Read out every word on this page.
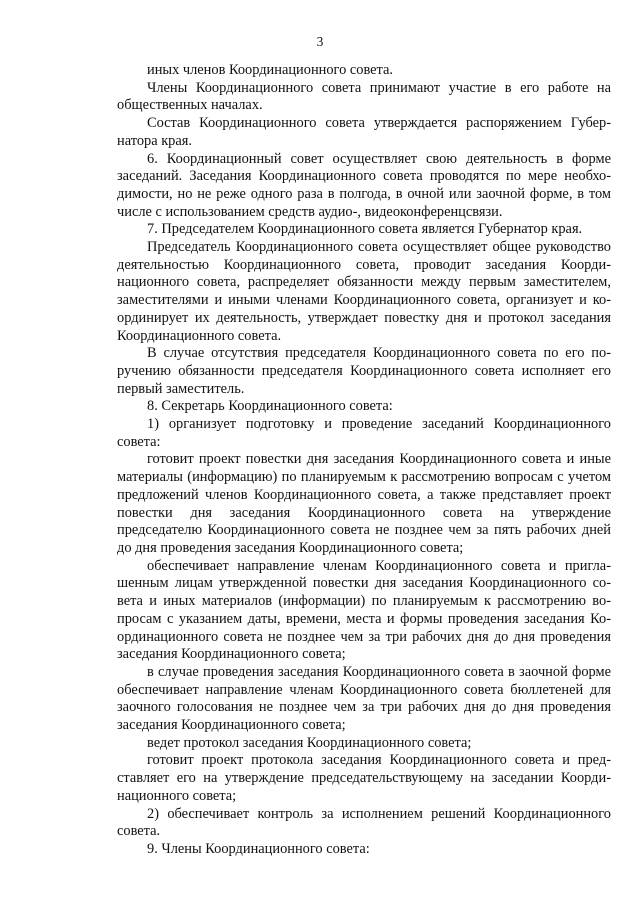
3

иных членов Координационного совета.

Члены Координационного совета принимают участие в его работе на общественных началах.

Состав Координационного совета утверждается распоряжением Губернатора края.

6. Координационный совет осуществляет свою деятельность в форме заседаний. Заседания Координационного совета проводятся по мере необходимости, но не реже одного раза в полгода, в очной или заочной форме, в том числе с использованием средств аудио-, видеоконференцсвязи.

7. Председателем Координационного совета является Губернатор края.

Председатель Координационного совета осуществляет общее руководство деятельностью Координационного совета, проводит заседания Координационного совета, распределяет обязанности между первым заместителем, заместителями и иными членами Координационного совета, организует и координирует их деятельность, утверждает повестку дня и протокол заседания Координационного совета.

В случае отсутствия председателя Координационного совета по его поручению обязанности председателя Координационного совета исполняет его первый заместитель.

8. Секретарь Координационного совета:

1) организует подготовку и проведение заседаний Координационного совета:

готовит проект повестки дня заседания Координационного совета и иные материалы (информацию) по планируемым к рассмотрению вопросам с учетом предложений членов Координационного совета, а также представляет проект повестки дня заседания Координационного совета на утверждение председателю Координационного совета не позднее чем за пять рабочих дней до дня проведения заседания Координационного совета;

обеспечивает направление членам Координационного совета и приглашенным лицам утвержденной повестки дня заседания Координационного совета и иных материалов (информации) по планируемым к рассмотрению вопросам с указанием даты, времени, места и формы проведения заседания Координационного совета не позднее чем за три рабочих дня до дня проведения заседания Координационного совета;

в случае проведения заседания Координационного совета в заочной форме обеспечивает направление членам Координационного совета бюллетеней для заочного голосования не позднее чем за три рабочих дня до дня проведения заседания Координационного совета;

ведет протокол заседания Координационного совета;

готовит проект протокола заседания Координационного совета и представляет его на утверждение председательствующему на заседании Координационного совета;

2) обеспечивает контроль за исполнением решений Координационного совета.

9. Члены Координационного совета:
